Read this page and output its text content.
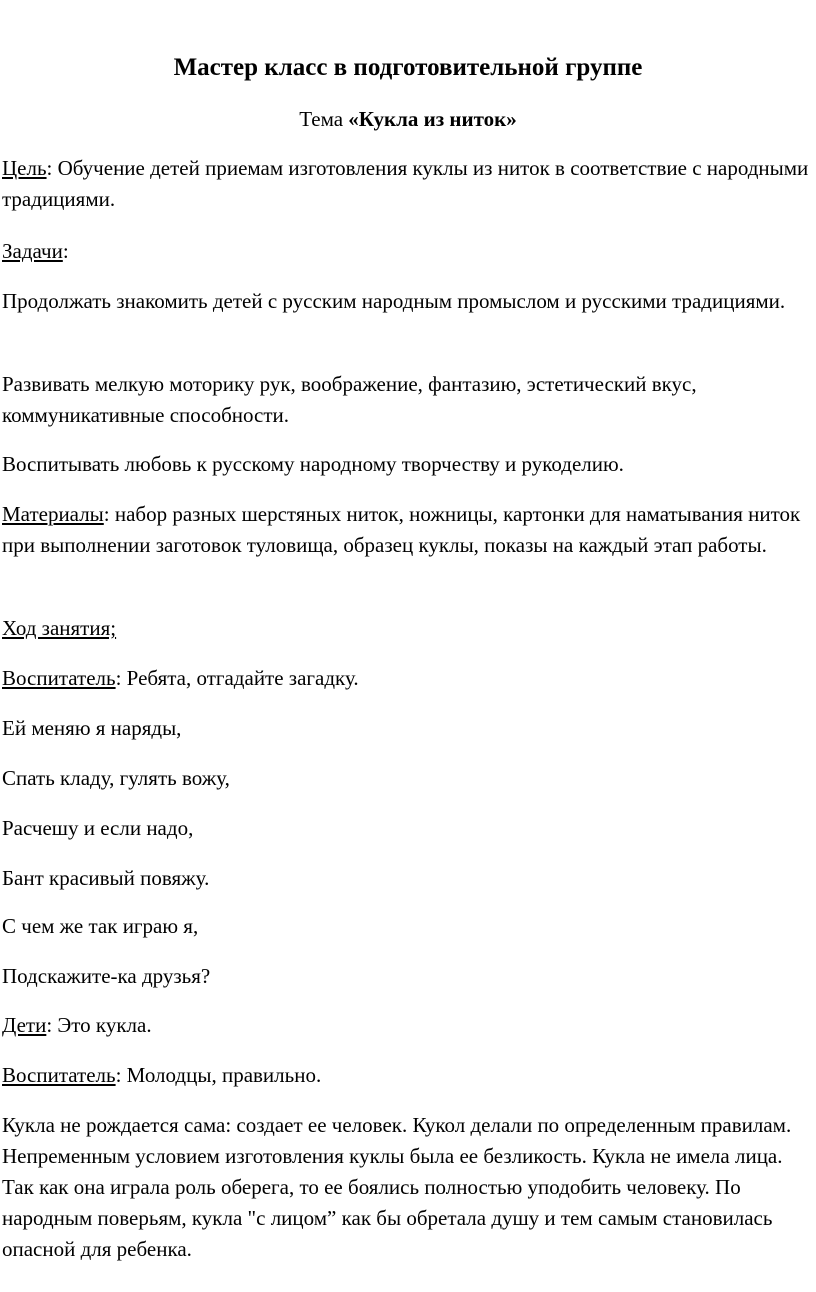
Мастер класс в подготовительной группе

Тема «Кукла из ниток»

Цель: Обучение детей приемам изготовления куклы из ниток в соответствие с народными традициями.

Задачи:

Продолжать знакомить детей с русским народным промыслом и русскими традициями.

Развивать мелкую моторику рук, воображение, фантазию, эстетический вкус, коммуникативные способности.

Воспитывать любовь к русскому народному творчеству и рукоделию.

Материалы: набор разных шерстяных ниток, ножницы, картонки для наматывания ниток при выполнении заготовок туловища, образец куклы, показы на каждый этап работы.

Ход занятия;

Воспитатель: Ребята, отгадайте загадку.

Ей меняю я наряды,

Спать кладу, гулять вожу,

Расчешу и если надо,

Бант красивый повяжу.

С чем же так играю я,

Подскажите-ка друзья?

Дети: Это кукла.

Воспитатель: Молодцы, правильно.

Кукла не рождается сама: создает ее человек. Кукол делали по определенным правилам. Непременным условием изготовления куклы была ее безликость. Кукла не имела лица. Так как она играла роль оберега, то ее боялись полностью уподобить человеку. По народным поверьям, кукла "с лицом” как бы обретала душу и тем самым становилась опасной для ребенка.
